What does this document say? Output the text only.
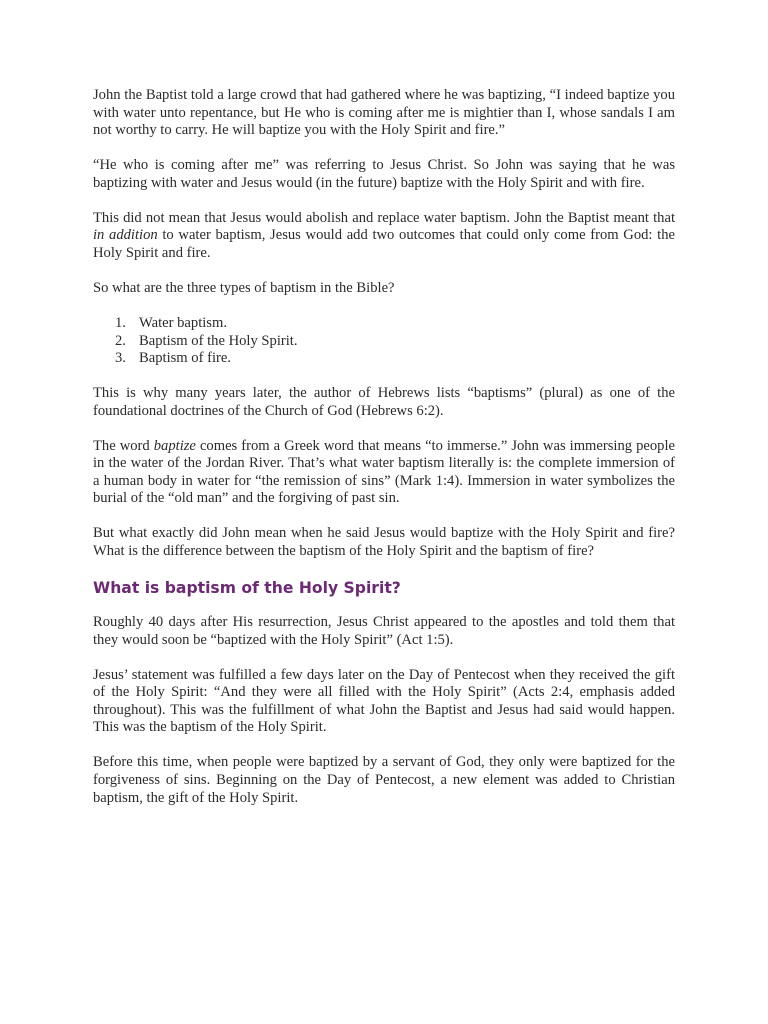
John the Baptist told a large crowd that had gathered where he was baptizing, “I indeed baptize you with water unto repentance, but He who is coming after me is mightier than I, whose sandals I am not worthy to carry. He will baptize you with the Holy Spirit and fire.”

“He who is coming after me” was referring to Jesus Christ. So John was saying that he was baptizing with water and Jesus would (in the future) baptize with the Holy Spirit and with fire.

This did not mean that Jesus would abolish and replace water baptism. John the Baptist meant that in addition to water baptism, Jesus would add two outcomes that could only come from God: the Holy Spirit and fire.

So what are the three types of baptism in the Bible?

1. Water baptism.
2. Baptism of the Holy Spirit.
3. Baptism of fire.

This is why many years later, the author of Hebrews lists “baptisms” (plural) as one of the foundational doctrines of the Church of God (Hebrews 6:2).

The word baptize comes from a Greek word that means “to immerse.” John was immersing people in the water of the Jordan River. That’s what water baptism literally is: the complete immersion of a human body in water for “the remission of sins” (Mark 1:4). Immersion in water symbolizes the burial of the “old man” and the forgiving of past sin.

But what exactly did John mean when he said Jesus would baptize with the Holy Spirit and fire? What is the difference between the baptism of the Holy Spirit and the baptism of fire?

What is baptism of the Holy Spirit?

Roughly 40 days after His resurrection, Jesus Christ appeared to the apostles and told them that they would soon be “baptized with the Holy Spirit” (Act 1:5).

Jesus’ statement was fulfilled a few days later on the Day of Pentecost when they received the gift of the Holy Spirit: “And they were all filled with the Holy Spirit” (Acts 2:4, emphasis added throughout). This was the fulfillment of what John the Baptist and Jesus had said would happen. This was the baptism of the Holy Spirit.

Before this time, when people were baptized by a servant of God, they only were baptized for the forgiveness of sins. Beginning on the Day of Pentecost, a new element was added to Christian baptism, the gift of the Holy Spirit.
